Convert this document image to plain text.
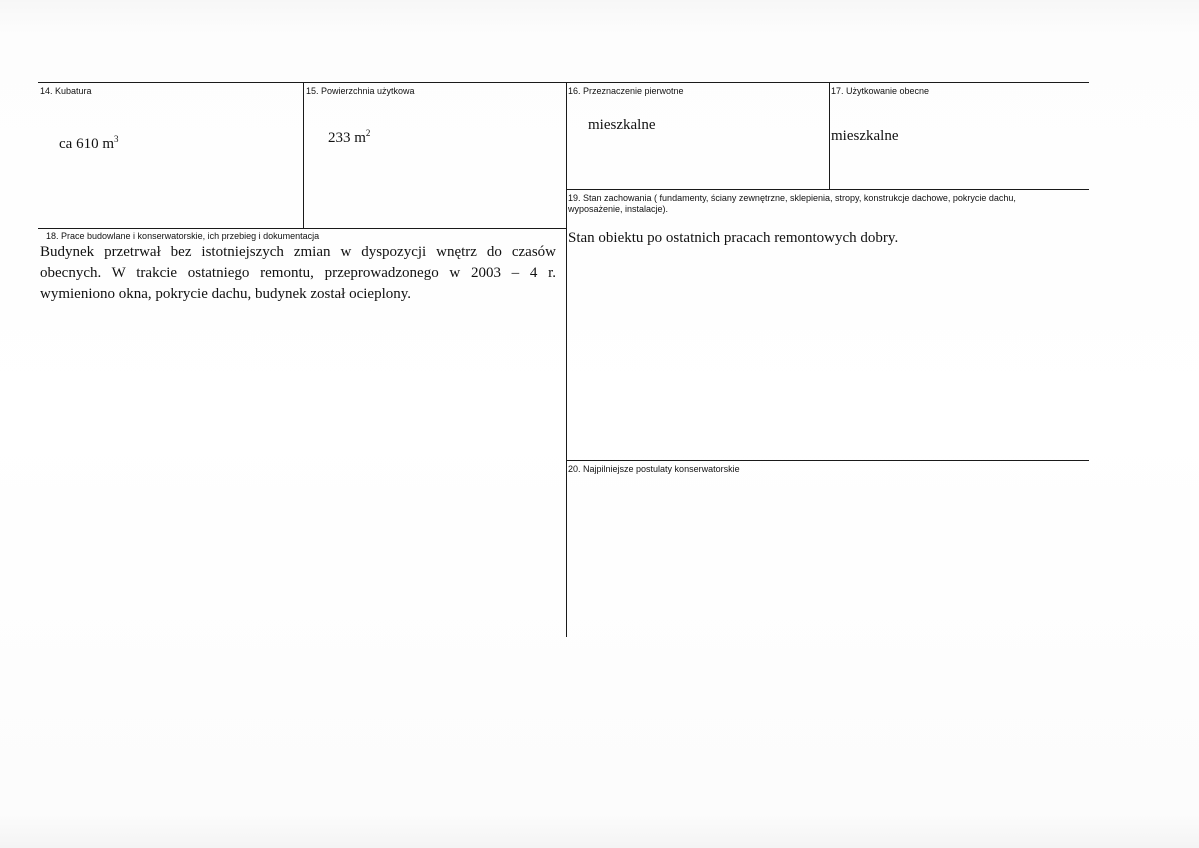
14. Kubatura
ca 610 $m^3$
15. Powierzchnia użytkowa
233 $m^2$
16. Przeznaczenie pierwotne
mieszkalne
17. Użytkowanie obecne
mieszkalne
19. Stan zachowania ( fundamenty, ściany zewnętrzne, sklepienia, stropy, konstrukcje dachowe, pokrycie dachu,
wyposażenie, instalacje).
Stan obiektu po ostatnich pracach remontowych dobry.
18. Prace budowlane i konserwatorskie, ich przebieg i dokumentacja
Budynek przetrwał bez istotniejszych zmian w dyspozycji wnętrz do czasów
obecnych. W trakcie ostatniego remontu, przeprowadzonego w 2003 – 4 r.
wymieniono okna, pokrycie dachu, budynek został ocieplony.
20. Najpilniejsze postulaty konserwatorskie
